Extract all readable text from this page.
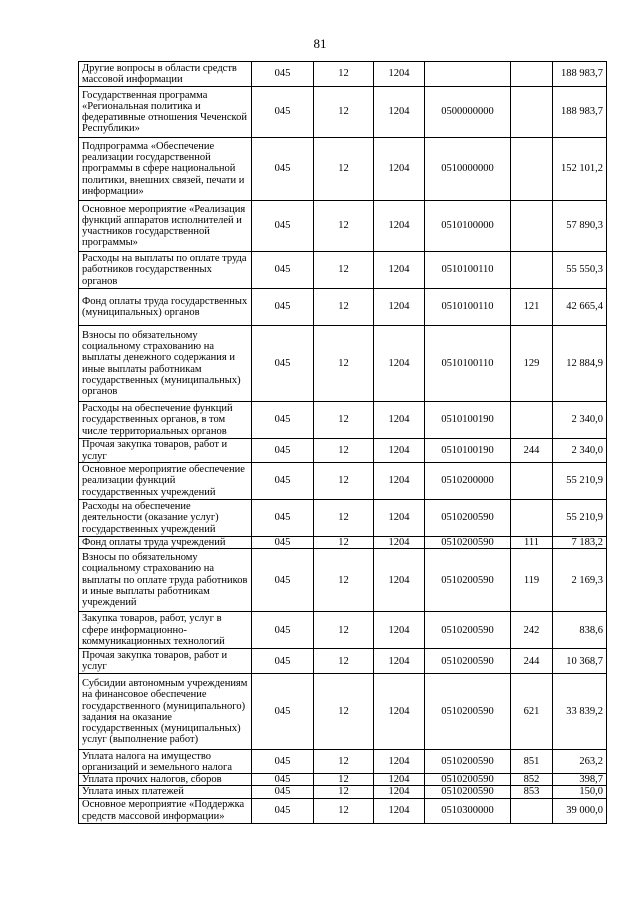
81
Другие вопросы в области средств массовой информации	045	12	1204			188 983,7
Государственная программа «Региональная политика и федеративные отношения Чеченской Республики»	045	12	1204	0500000000		188 983,7
Подпрограмма «Обеспечение реализации государственной программы в сфере национальной политики, внешних связей, печати и информации»	045	12	1204	0510000000		152 101,2
Основное мероприятие «Реализация функций аппаратов исполнителей и участников государственной программы»	045	12	1204	0510100000		57 890,3
Расходы на выплаты по оплате труда работников государственных органов	045	12	1204	0510100110		55 550,3
Фонд оплаты труда государственных (муниципальных) органов	045	12	1204	0510100110	121	42 665,4
Взносы по обязательному социальному страхованию на выплаты денежного содержания и иные выплаты работникам государственных (муниципальных) органов	045	12	1204	0510100110	129	12 884,9
Расходы на обеспечение функций государственных органов, в том числе территориальных органов	045	12	1204	0510100190		2 340,0
Прочая закупка товаров, работ и услуг	045	12	1204	0510100190	244	2 340,0
Основное мероприятие обеспечение реализации функций государственных учреждений	045	12	1204	0510200000		55 210,9
Расходы на обеспечение деятельности (оказание услуг) государственных учреждений	045	12	1204	0510200590		55 210,9
Фонд оплаты труда учреждений	045	12	1204	0510200590	111	7 183,2
Взносы по обязательному социальному страхованию на выплаты по оплате труда работников и иные выплаты работникам учреждений	045	12	1204	0510200590	119	2 169,3
Закупка товаров, работ, услуг в сфере информационно-коммуникационных технологий	045	12	1204	0510200590	242	838,6
Прочая закупка товаров, работ и услуг	045	12	1204	0510200590	244	10 368,7
Субсидии автономным учреждениям на финансовое обеспечение государственного (муниципального) задания на оказание государственных (муниципальных) услуг (выполнение работ)	045	12	1204	0510200590	621	33 839,2
Уплата налога на имущество организаций и земельного налога	045	12	1204	0510200590	851	263,2
Уплата прочих налогов, сборов	045	12	1204	0510200590	852	398,7
Уплата иных платежей	045	12	1204	0510200590	853	150,0
Основное мероприятие «Поддержка средств массовой информации»	045	12	1204	0510300000		39 000,0
